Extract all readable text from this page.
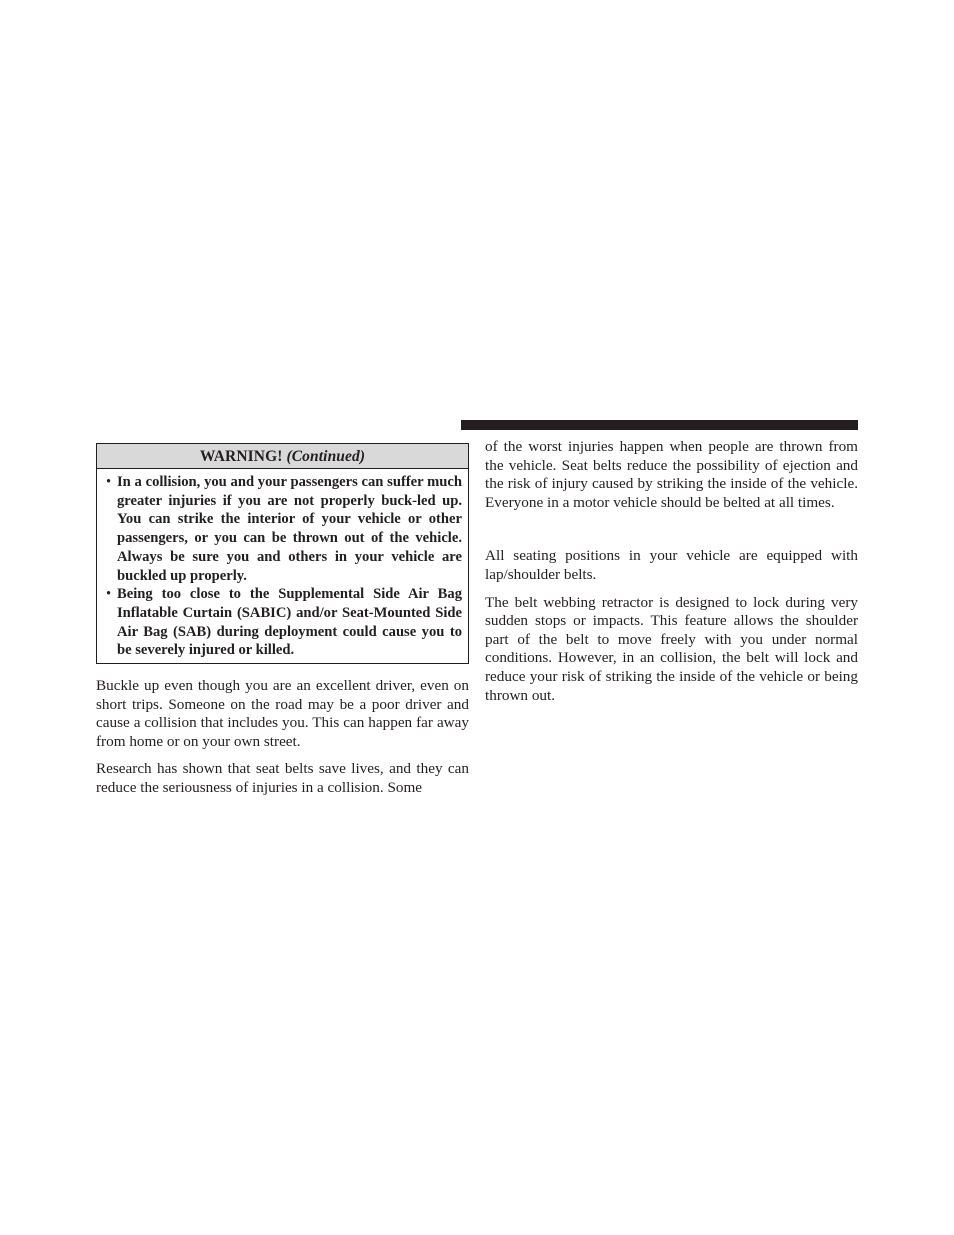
WARNING! (Continued)
• In a collision, you and your passengers can suffer much greater injuries if you are not properly buck-led up. You can strike the interior of your vehicle or other passengers, or you can be thrown out of the vehicle. Always be sure you and others in your vehicle are buckled up properly.
• Being too close to the Supplemental Side Air Bag Inflatable Curtain (SABIC) and/or Seat-Mounted Side Air Bag (SAB) during deployment could cause you to be severely injured or killed.

Buckle up even though you are an excellent driver, even on short trips. Someone on the road may be a poor driver and cause a collision that includes you. This can happen far away from home or on your own street.

Research has shown that seat belts save lives, and they can reduce the seriousness of injuries in a collision. Some

of the worst injuries happen when people are thrown from the vehicle. Seat belts reduce the possibility of ejection and the risk of injury caused by striking the inside of the vehicle. Everyone in a motor vehicle should be belted at all times.

All seating positions in your vehicle are equipped with lap/shoulder belts.

The belt webbing retractor is designed to lock during very sudden stops or impacts. This feature allows the shoulder part of the belt to move freely with you under normal conditions. However, in an collision, the belt will lock and reduce your risk of striking the inside of the vehicle or being thrown out.
